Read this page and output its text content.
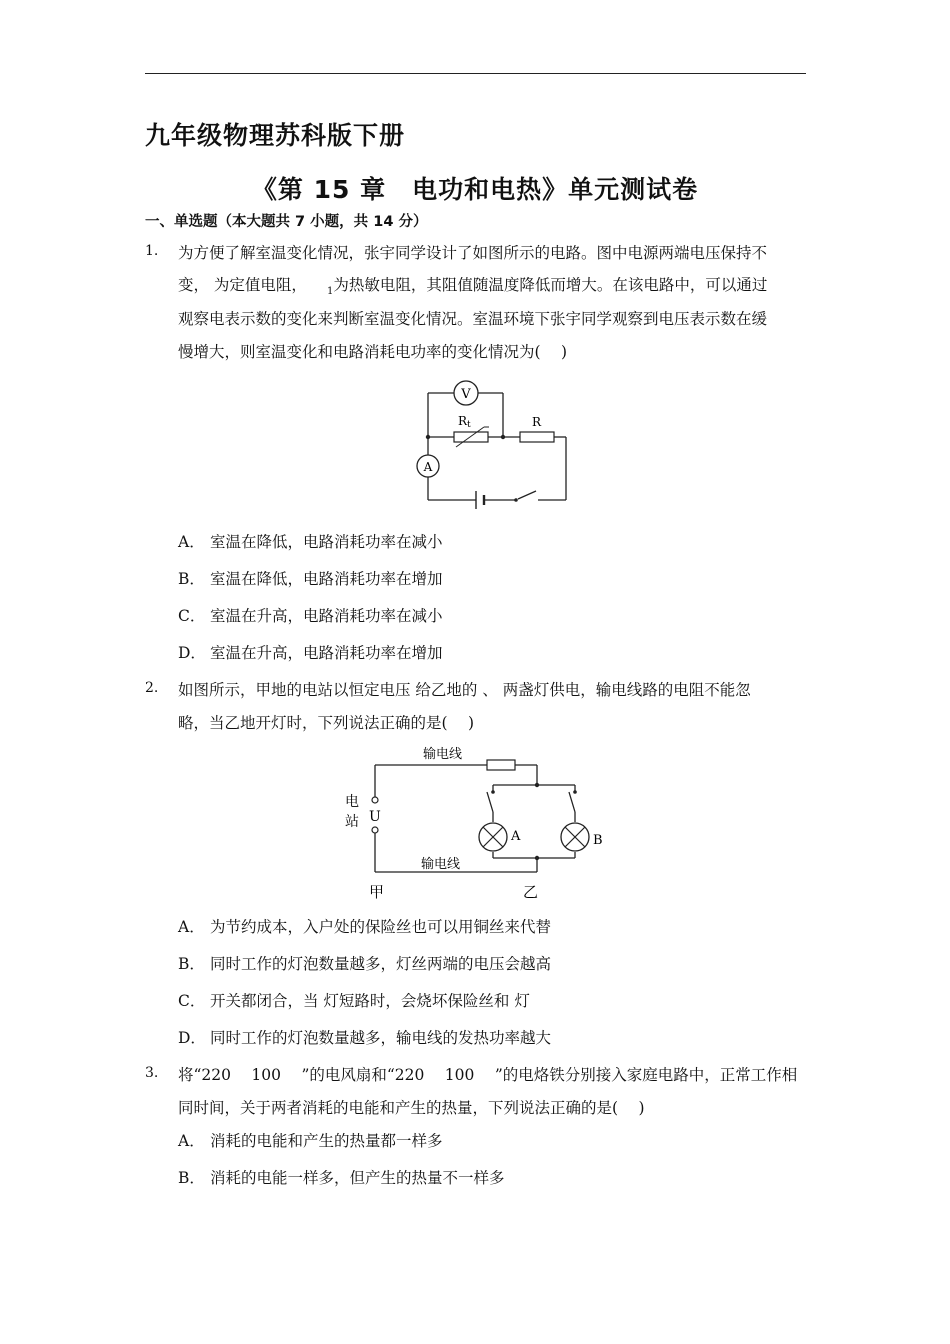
九年级物理苏科版下册
《第 15 章　电功和电热》单元测试卷
一、单选题（本大题共 7 小题，共 14 分）
1. 为方便了解室温变化情况，张宇同学设计了如图所示的电路。图中电源两端电压保持不
变， 为定值电阻， $_1$为热敏电阻，其阻值随温度降低而增大。在该电路中，可以通过
观察电表示数的变化来判断室温变化情况。室温环境下张宇同学观察到电压表示数在缓
慢增大，则室温变化和电路消耗电功率的变化情况为(　 )
V
Rt	R
A
A． 室温在降低，电路消耗功率在减小
B． 室温在降低，电路消耗功率在增加
C． 室温在升高，电路消耗功率在减小
D． 室温在升高，电路消耗功率在增加
2. 如图所示，甲地的电站以恒定电压 给乙地的 、 两盏灯供电，输电线路的电阻不能忽
略，当乙地开灯时，下列说法正确的是(　 )
输电线
电
站 U
A	B
输电线
甲	乙
A． 为节约成本，入户处的保险丝也可以用铜丝来代替
B． 同时工作的灯泡数量越多，灯丝两端的电压会越高
C． 开关都闭合，当 灯短路时，会烧坏保险丝和 灯
D． 同时工作的灯泡数量越多，输电线的发热功率越大
3. 将“220　 100　 ”的电风扇和“220　 100　 ”的电烙铁分别接入家庭电路中，正常工作相
同时间，关于两者消耗的电能和产生的热量，下列说法正确的是(　 )
A． 消耗的电能和产生的热量都一样多
B． 消耗的电能一样多，但产生的热量不一样多
